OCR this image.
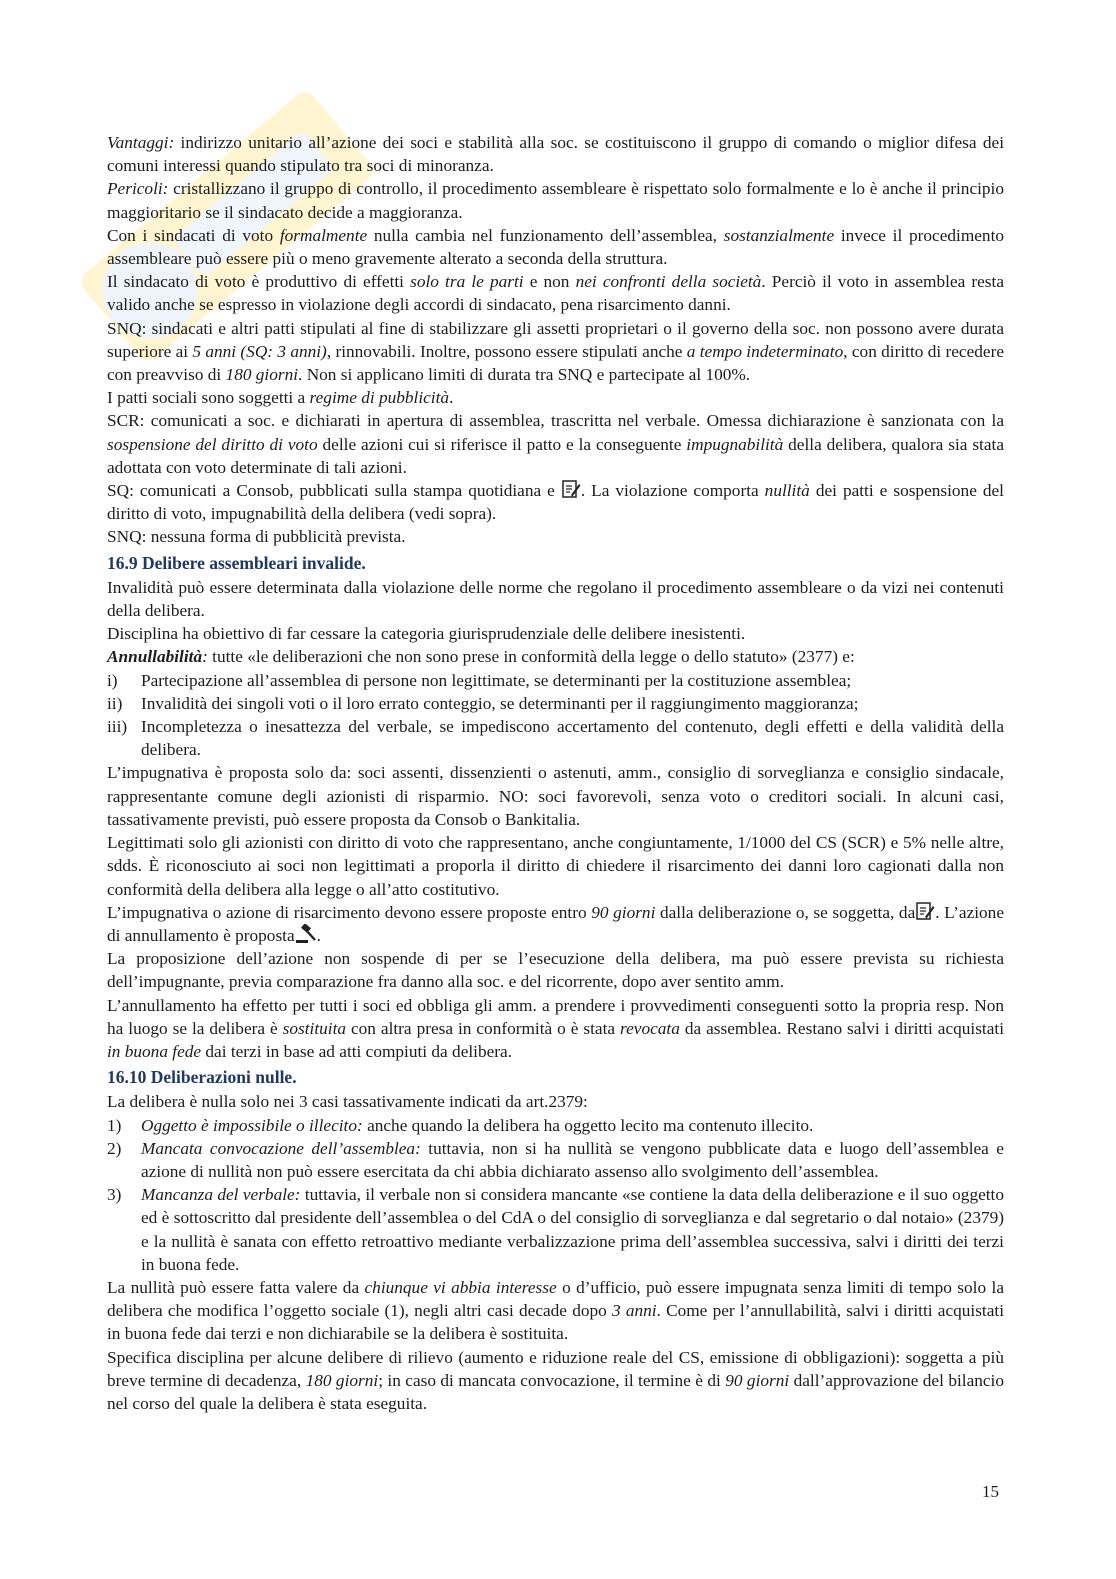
Vantaggi: indirizzo unitario all’azione dei soci e stabilità alla soc. se costituiscono il gruppo di comando o miglior difesa dei comuni interessi quando stipulato tra soci di minoranza.

Pericoli: cristallizzano il gruppo di controllo, il procedimento assembleare è rispettato solo formalmente e lo è anche il principio maggioritario se il sindacato decide a maggioranza.

Con i sindacati di voto formalmente nulla cambia nel funzionamento dell’assemblea, sostanzialmente invece il procedimento assembleare può essere più o meno gravemente alterato a seconda della struttura.

Il sindacato di voto è produttivo di effetti solo tra le parti e non nei confronti della società. Perciò il voto in assemblea resta valido anche se espresso in violazione degli accordi di sindacato, pena risarcimento danni.

SNQ: sindacati e altri patti stipulati al fine di stabilizzare gli assetti proprietari o il governo della soc. non possono avere durata superiore ai 5 anni (SQ: 3 anni), rinnovabili. Inoltre, possono essere stipulati anche a tempo indeterminato, con diritto di recedere con preavviso di 180 giorni. Non si applicano limiti di durata tra SNQ e partecipate al 100%.

I patti sociali sono soggetti a regime di pubblicità.

SCR: comunicati a soc. e dichiarati in apertura di assemblea, trascritta nel verbale. Omessa dichiarazione è sanzionata con la sospensione del diritto di voto delle azioni cui si riferisce il patto e la conseguente impugnabilità della delibera, qualora sia stata adottata con voto determinate di tali azioni.

SQ: comunicati a Consob, pubblicati sulla stampa quotidiana e . La violazione comporta nullità dei patti e sospensione del diritto di voto, impugnabilità della delibera (vedi sopra).

SNQ: nessuna forma di pubblicità prevista.

16.9 Delibere assembleari invalide.

Invalidità può essere determinata dalla violazione delle norme che regolano il procedimento assembleare o da vizi nei contenuti della delibera.

Disciplina ha obiettivo di far cessare la categoria giurisprudenziale delle delibere inesistenti.

Annullabilità: tutte «le deliberazioni che non sono prese in conformità della legge o dello statuto» (2377) e:

i) Partecipazione all’assemblea di persone non legittimate, se determinanti per la costituzione assemblea;

ii) Invalidità dei singoli voti o il loro errato conteggio, se determinanti per il raggiungimento maggioranza;

iii) Incompletezza o inesattezza del verbale, se impediscono accertamento del contenuto, degli effetti e della validità della delibera.

L’impugnativa è proposta solo da: soci assenti, dissenzienti o astenuti, amm., consiglio di sorveglianza e consiglio sindacale, rappresentante comune degli azionisti di risparmio. NO: soci favorevoli, senza voto o creditori sociali. In alcuni casi, tassativamente previsti, può essere proposta da Consob o Bankitalia.

Legittimati solo gli azionisti con diritto di voto che rappresentano, anche congiuntamente, 1/1000 del CS (SCR) e 5% nelle altre, sdds. È riconosciuto ai soci non legittimati a proporla il diritto di chiedere il risarcimento dei danni loro cagionati dalla non conformità della delibera alla legge o all’atto costitutivo.

L’impugnativa o azione di risarcimento devono essere proposte entro 90 giorni dalla deliberazione o, se soggetta, da . L’azione di annullamento è proposta .

La proposizione dell’azione non sospende di per se l’esecuzione della delibera, ma può essere prevista su richiesta dell’impugnante, previa comparazione fra danno alla soc. e del ricorrente, dopo aver sentito amm.

L’annullamento ha effetto per tutti i soci ed obbliga gli amm. a prendere i provvedimenti conseguenti sotto la propria resp. Non ha luogo se la delibera è sostituita con altra presa in conformità o è stata revocata da assemblea. Restano salvi i diritti acquistati in buona fede dai terzi in base ad atti compiuti da delibera.

16.10 Deliberazioni nulle.

La delibera è nulla solo nei 3 casi tassativamente indicati da art.2379:

1) Oggetto è impossibile o illecito: anche quando la delibera ha oggetto lecito ma contenuto illecito.

2) Mancata convocazione dell’assemblea: tuttavia, non si ha nullità se vengono pubblicate data e luogo dell’assemblea e azione di nullità non può essere esercitata da chi abbia dichiarato assenso allo svolgimento dell’assemblea.

3) Mancanza del verbale: tuttavia, il verbale non si considera mancante «se contiene la data della deliberazione e il suo oggetto ed è sottoscritto dal presidente dell’assemblea o del CdA o del consiglio di sorveglianza e dal segretario o dal notaio» (2379) e la nullità è sanata con effetto retroattivo mediante verbalizzazione prima dell’assemblea successiva, salvi i diritti dei terzi in buona fede.

La nullità può essere fatta valere da chiunque vi abbia interesse o d’ufficio, può essere impugnata senza limiti di tempo solo la delibera che modifica l’oggetto sociale (1), negli altri casi decade dopo 3 anni. Come per l’annullabilità, salvi i diritti acquistati in buona fede dai terzi e non dichiarabile se la delibera è sostituita.

Specifica disciplina per alcune delibere di rilievo (aumento e riduzione reale del CS, emissione di obbligazioni): soggetta a più breve termine di decadenza, 180 giorni; in caso di mancata convocazione, il termine è di 90 giorni dall’approvazione del bilancio nel corso del quale la delibera è stata eseguita.

15
